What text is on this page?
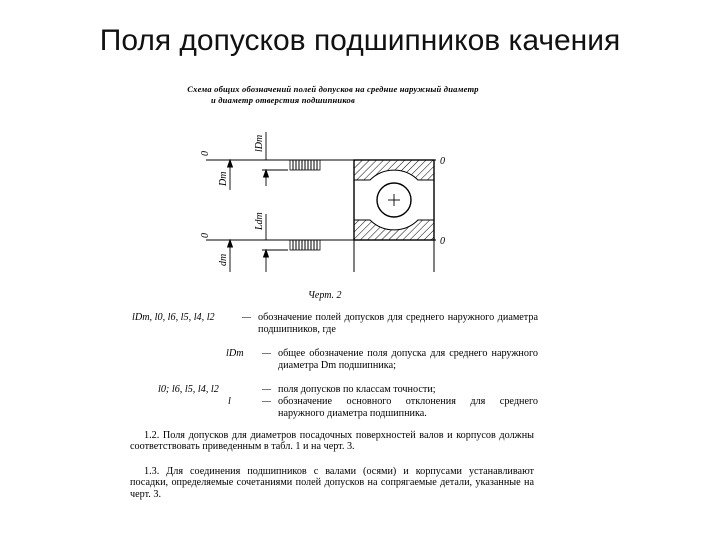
Поля допусков подшипников качения
Схема общих обозначений полей допусков на средние наружный диаметр
и диаметр отверстия подшипников
0
0
0
0
lDm
Ldm
Dm
dm
Черт. 2
lDm, l0, l6, l5, l4, l2	— обозначение полей допусков для среднего наружного диаметра подшипников, где
lDm — общее обозначение поля допуска для среднего наружного диаметра Dm подшипника;
l0; l6, l5, l4, l2	— поля допусков по классам точности;
l	— обозначение основного отклонения для среднего наружного диаметра подшипника.
1.2. Поля допусков для диаметров посадочных поверхностей валов и корпусов должны соответствовать приведенным в табл. 1 и на черт. 3.
1.3. Для соединения подшипников с валами (осями) и корпусами устанавливают посадки, определяемые сочетаниями полей допусков на сопрягаемые детали, указанные на черт. 3.
